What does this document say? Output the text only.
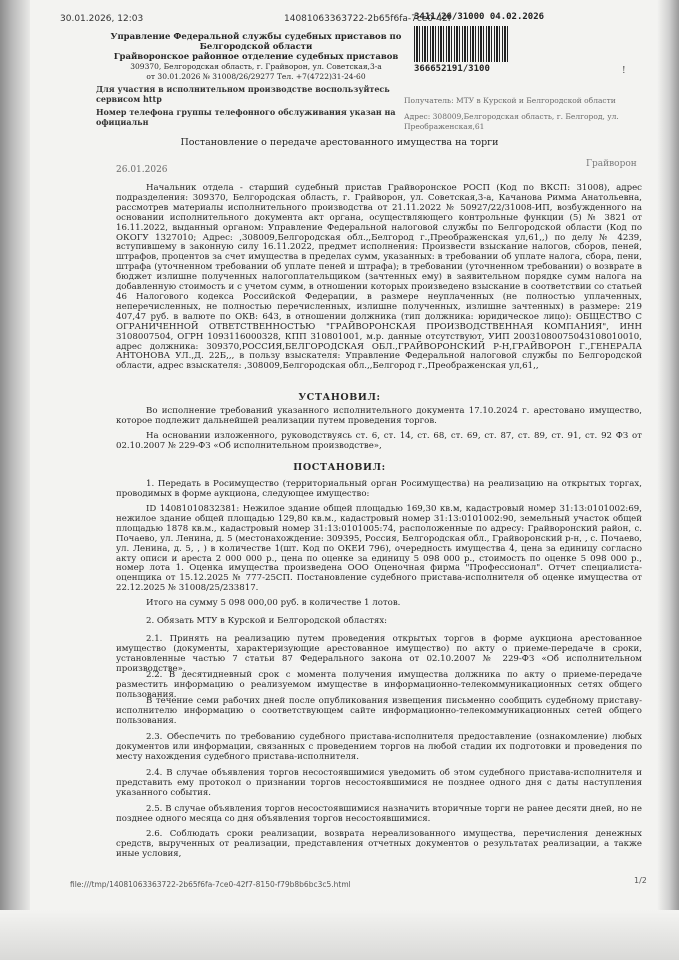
30.01.2026, 12:03	14081063363722-2b65f6fa-7ce0-42f
3411/26/31000 04.02.2026
366652191/3100	!
Управление Федеральной службы судебных приставов по Белгородской области
Грайворонское районное отделение судебных приставов
309370, Белгородская область, г. Грайворон, ул. Советская,3-а
от 30.01.2026 № 31008/26/29277 Тел. +7(4722)31-24-60
Для участия в исполнительном производстве воспользуйтесь сервисом http
Номер телефона группы телефонного обслуживания указан на официальн
Получатель: МТУ в Курской и Белгородской области
Адрес: 308009,Белгородская область, г. Белгород, ул. Преображенская,61
Постановление о передаче арестованного имущества на торги
26.01.2026
Грайворон
Начальник отдела - старший судебный пристав Грайворонское РОСП (Код по ВКСП: 31008), адрес подразделения: 309370, Белгородская область, г. Грайворон, ул. Советская,3-а, Качанова Римма Анатольевна, рассмотрев материалы исполнительного производства от 21.11.2022 № 50927/22/31008-ИП, возбужденного на основании исполнительного документа акт органа, осуществляющего контрольные функции (5) № 3821 от 16.11.2022, выданный органом: Управление Федеральной налоговой службы по Белгородской области (Код по ОКОГУ 1327010; Адрес: ,308009,Белгородская обл.,,Белгород г.,Преображенская ул,61,,) по делу № 4239, вступившему в законную силу 16.11.2022, предмет исполнения: Произвести взыскание налогов, сборов, пеней, штрафов, процентов за счет имущества в пределах сумм, указанных: в требовании об уплате налога, сбора, пени, штрафа (уточненном требовании об уплате пеней и штрафа); в требовании (уточненном требовании) о возврате в бюджет излишне полученных налогоплательщиком (зачтенных ему) в заявительном порядке сумм налога на добавленную стоимость и с учетом сумм, в отношении которых произведено взыскание в соответствии со статьей 46 Налогового кодекса Российской Федерации, в размере неуплаченных (не полностью уплаченных, неперечисленных, не полностью перечисленных, излишне полученных, излишне зачтенных) в размере: 219 407,47 руб. в валюте по ОКВ: 643, в отношении должника (тип должника: юридическое лицо): ОБЩЕСТВО С ОГРАНИЧЕННОЙ ОТВЕТСТВЕННОСТЬЮ "ГРАЙВОРОНСКАЯ ПРОИЗВОДСТВЕННАЯ КОМПАНИЯ", ИНН 3108007504, ОГРН 1093116000328, КПП 310801001, м.р. данные отсутствуют, УИП 20031080075043108010010, адрес должника: 309370,РОССИЯ,БЕЛГОРОДСКАЯ ОБЛ.,ГРАЙВОРОНСКИЙ Р-Н,ГРАЙВОРОН Г.,ГЕНЕРАЛА АНТОНОВА УЛ.,Д. 22Б,,, в пользу взыскателя: Управление Федеральной налоговой службы по Белгородской области, адрес взыскателя: ,308009,Белгородская обл.,,Белгород г.,Преображенская ул,61,,
УСТАНОВИЛ:
Во исполнение требований указанного исполнительного документа 17.10.2024 г. арестовано имущество, которое подлежит дальнейшей реализации путем проведения торгов.
На основании изложенного, руководствуясь ст. 6, ст. 14, ст. 68, ст. 69, ст. 87, ст. 89, ст. 91, ст. 92 ФЗ от 02.10.2007 № 229-ФЗ «Об исполнительном производстве»,
ПОСТАНОВИЛ:
1. Передать в Росимущество (территориальный орган Росимущества) на реализацию на открытых торгах, проводимых в форме аукциона, следующее имущество:
ID 14081010832381: Нежилое здание общей площадью 169,30 кв.м, кадастровый номер 31:13:0101002:69, нежилое здание общей площадью 129,80 кв.м., кадастровый номер 31:13:0101002:90, земельный участок общей площадью 1878 кв.м., кадастровый номер 31:13:0101005:74, расположенные по адресу: Грайворонский район, с. Почаево, ул. Ленина, д. 5 (местонахождение: 309395, Россия, Белгородская обл., Грайворонский р-н, , с. Почаево, ул. Ленина, д. 5, , ) в количестве 1(шт. Код по ОКЕИ 796), очередность имущества 4, цена за единицу согласно акту описи и ареста 2 000 000 р., цена по оценке за единицу 5 098 000 р., стоимость по оценке 5 098 000 р., номер лота 1. Оценка имущества произведена ООО Оценочная фирма "Профессионал". Отчет специалиста-оценщика от 15.12.2025 № 777-25СП. Постановление судебного пристава-исполнителя об оценке имущества от 22.12.2025 № 31008/25/233817.
Итого на сумму 5 098 000,00 руб. в количестве 1 лотов.
2. Обязать МТУ в Курской и Белгородской областях:
2.1. Принять на реализацию путем проведения открытых торгов в форме аукциона арестованное имущество (документы, характеризующие арестованное имущество) по акту о приеме-передаче в сроки, установленные частью 7 статьи 87 Федерального закона от 02.10.2007 № 229-ФЗ «Об исполнительном производстве».
2.2. В десятидневный срок с момента получения имущества должника по акту о приеме-передаче разместить информацию о реализуемом имуществе в информационно-телекоммуникационных сетях общего пользования.
В течение семи рабочих дней после опубликования извещения письменно сообщить судебному приставу-исполнителю информацию о соответствующем сайте информационно-телекоммуникационных сетей общего пользования.
2.3. Обеспечить по требованию судебного пристава-исполнителя предоставление (ознакомление) любых документов или информации, связанных с проведением торгов на любой стадии их подготовки и проведения по месту нахождения судебного пристава-исполнителя.
2.4. В случае объявления торгов несостоявшимися уведомить об этом судебного пристава-исполнителя и представить ему протокол о признании торгов несостоявшимися не позднее одного дня с даты наступления указанного события.
2.5. В случае объявления торгов несостоявшимися назначить вторичные торги не ранее десяти дней, но не позднее одного месяца со дня объявления торгов несостоявшимися.
2.6. Соблюдать сроки реализации, возврата нереализованного имущества, перечисления денежных средств, вырученных от реализации, представления отчетных документов о результатах реализации, а также иные условия,
file:///tmp/14081063363722-2b65f6fa-7ce0-42f7-8150-f79b8b6bc3c5.html	1/2
